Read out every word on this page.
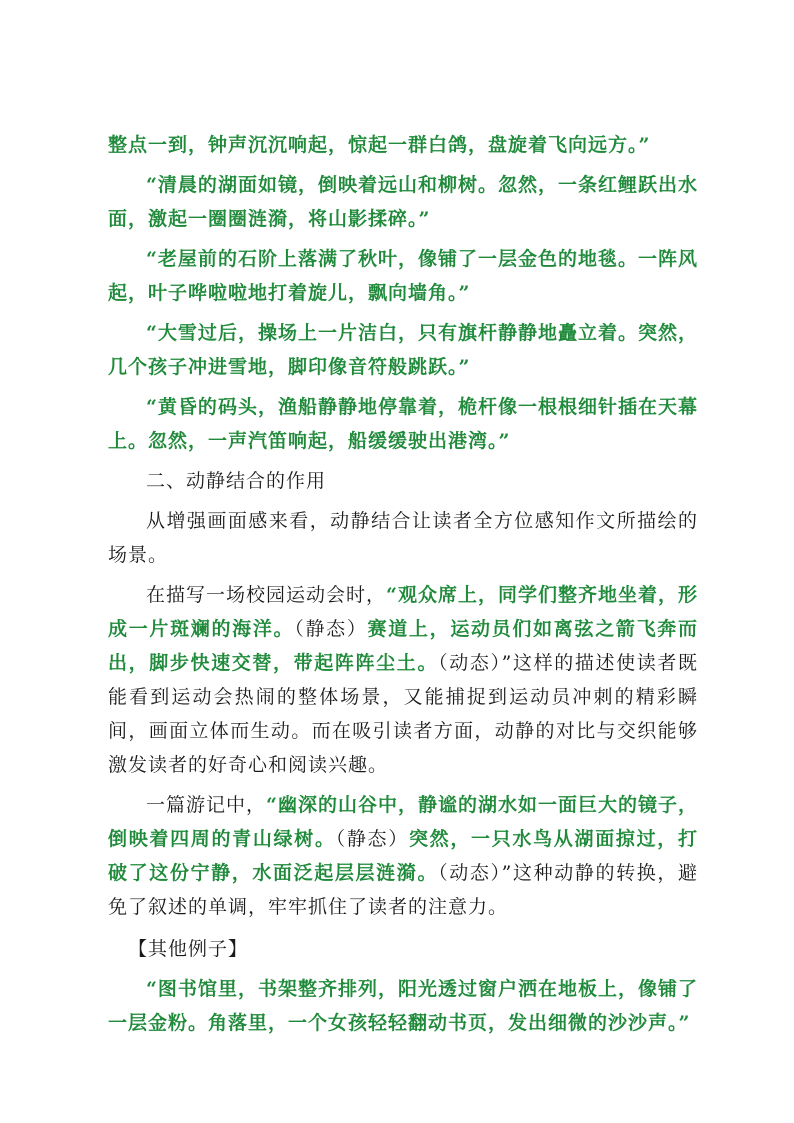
整点一到，钟声沉沉响起，惊起一群白鸽，盘旋着飞向远方。”

“清晨的湖面如镜，倒映着远山和柳树。忽然，一条红鲤跃出水面，激起一圈圈涟漪，将山影揉碎。”

“老屋前的石阶上落满了秋叶，像铺了一层金色的地毯。一阵风起，叶子哗啦啦地打着旋儿，飘向墙角。”

“大雪过后，操场上一片洁白，只有旗杆静静地矗立着。突然，几个孩子冲进雪地，脚印像音符般跳跃。”

“黄昏的码头，渔船静静地停靠着，桅杆像一根根细针插在天幕上。忽然，一声汽笛响起，船缓缓驶出港湾。”

二、动静结合的作用

从增强画面感来看，动静结合让读者全方位感知作文所描绘的场景。

在描写一场校园运动会时，“观众席上，同学们整齐地坐着，形成一片斑斓的海洋。（静态）赛道上，运动员们如离弦之箭飞奔而出，脚步快速交替，带起阵阵尘土。（动态）”这样的描述使读者既能看到运动会热闹的整体场景，又能捕捉到运动员冲刺的精彩瞬间，画面立体而生动。而在吸引读者方面，动静的对比与交织能够激发读者的好奇心和阅读兴趣。

一篇游记中，“幽深的山谷中，静谧的湖水如一面巨大的镜子，倒映着四周的青山绿树。（静态）突然，一只水鸟从湖面掠过，打破了这份宁静，水面泛起层层涟漪。（动态）”这种动静的转换，避免了叙述的单调，牢牢抓住了读者的注意力。

【其他例子】

“图书馆里，书架整齐排列，阳光透过窗户洒在地板上，像铺了一层金粉。角落里，一个女孩轻轻翻动书页，发出细微的沙沙声。”
